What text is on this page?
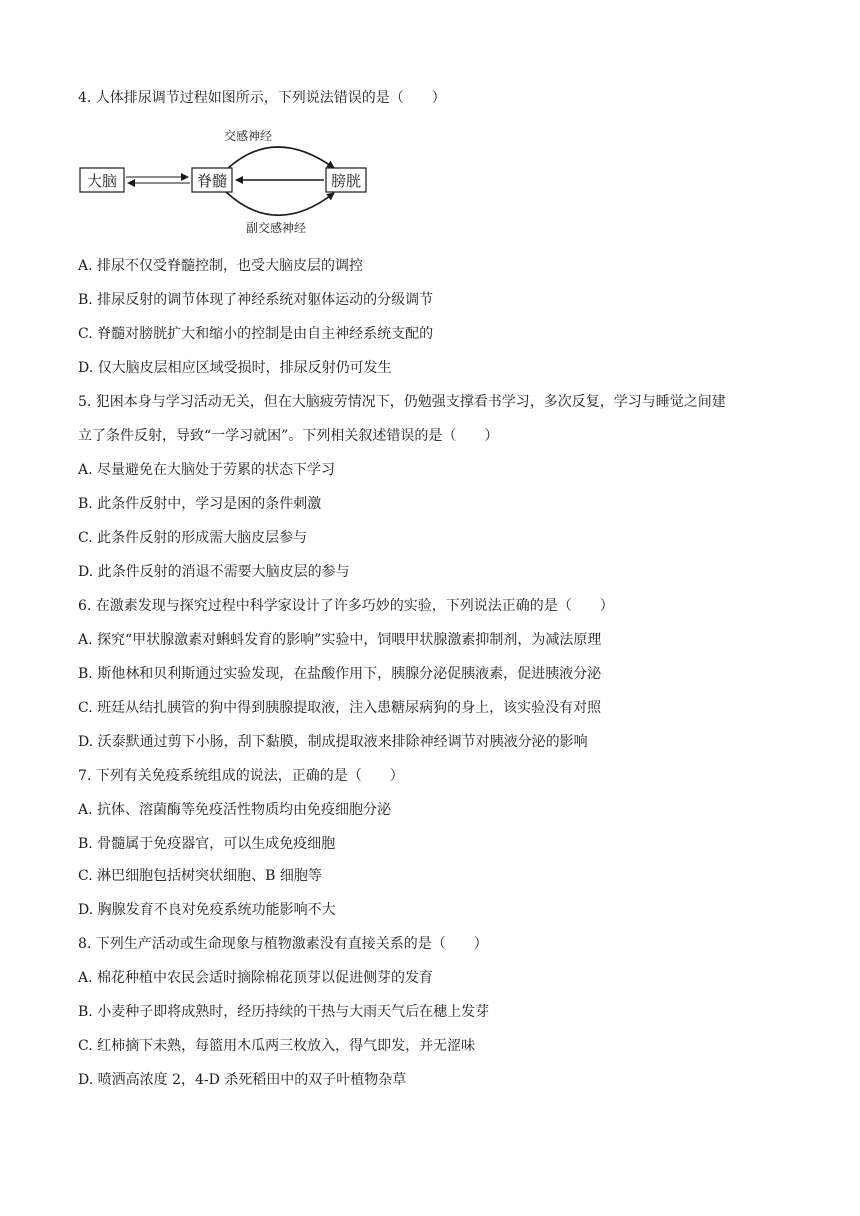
4. 人体排尿调节过程如图所示，下列说法错误的是（　　）
交感神经
大脑	脊髓	膀胱
副交感神经
A. 排尿不仅受脊髓控制，也受大脑皮层的调控
B. 排尿反射的调节体现了神经系统对躯体运动的分级调节
C. 脊髓对膀胱扩大和缩小的控制是由自主神经系统支配的
D. 仅大脑皮层相应区域受损时，排尿反射仍可发生
5. 犯困本身与学习活动无关，但在大脑疲劳情况下，仍勉强支撑看书学习，多次反复，学习与睡觉之间建
立了条件反射，导致“一学习就困”。下列相关叙述错误的是（　　）
A. 尽量避免在大脑处于劳累的状态下学习
B. 此条件反射中，学习是困的条件刺激
C. 此条件反射的形成需大脑皮层参与
D. 此条件反射的消退不需要大脑皮层的参与
6. 在激素发现与探究过程中科学家设计了许多巧妙的实验，下列说法正确的是（　　）
A. 探究“甲状腺激素对蝌蚪发育的影响”实验中，饲喂甲状腺激素抑制剂，为减法原理
B. 斯他林和贝利斯通过实验发现，在盐酸作用下，胰腺分泌促胰液素，促进胰液分泌
C. 班廷从结扎胰管的狗中得到胰腺提取液，注入患糖尿病狗的身上，该实验没有对照
D. 沃泰默通过剪下小肠，刮下黏膜，制成提取液来排除神经调节对胰液分泌的影响
7. 下列有关免疫系统组成的说法，正确的是（　　）
A. 抗体、溶菌酶等免疫活性物质均由免疫细胞分泌
B. 骨髓属于免疫器官，可以生成免疫细胞
C. 淋巴细胞包括树突状细胞、B 细胞等
D. 胸腺发育不良对免疫系统功能影响不大
8. 下列生产活动或生命现象与植物激素没有直接关系的是（　　）
A. 棉花种植中农民会适时摘除棉花顶芽以促进侧芽的发育
B. 小麦种子即将成熟时，经历持续的干热与大雨天气后在穗上发芽
C. 红柿摘下未熟，每篮用木瓜两三枚放入，得气即发，并无涩味
D. 喷洒高浓度 2，4-D 杀死稻田中的双子叶植物杂草
